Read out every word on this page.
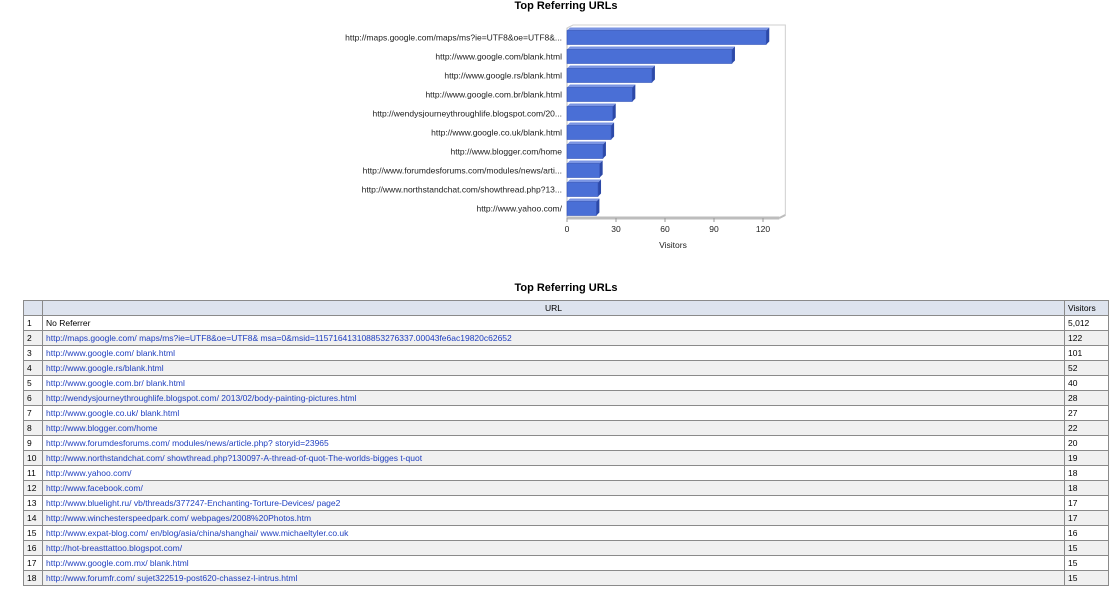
Top Referring URLs
http://maps.google.com/maps/ms?ie=UTF8&oe=UTF8&...
http://www.google.com/blank.html
http://www.google.rs/blank.html
http://www.google.com.br/blank.html
http://wendysjourneythroughlife.blogspot.com/20...
http://www.google.co.uk/blank.html
http://www.blogger.com/home
http://www.forumdesforums.com/modules/news/arti...
http://www.northstandchat.com/showthread.php?13...
http://www.yahoo.com/
0	30	60	90	120
Visitors
Top Referring URLs
	URL	Visitors
1	No Referrer	5,012
2	http://maps.google.com/ maps/ms?ie=UTF8&oe=UTF8& msa=0&msid=115716413108853276337.00043fe6ac19820c62652	122
3	http://www.google.com/ blank.html	101
4	http://www.google.rs/blank.html	52
5	http://www.google.com.br/ blank.html	40
6	http://wendysjourneythroughlife.blogspot.com/ 2013/02/body-painting-pictures.html	28
7	http://www.google.co.uk/ blank.html	27
8	http://www.blogger.com/home	22
9	http://www.forumdesforums.com/ modules/news/article.php? storyid=23965	20
10	http://www.northstandchat.com/ showthread.php?130097-A-thread-of-quot-The-worlds-bigges t-quot	19
11	http://www.yahoo.com/	18
12	http://www.facebook.com/	18
13	http://www.bluelight.ru/ vb/threads/377247-Enchanting-Torture-Devices/ page2	17
14	http://www.winchesterspeedpark.com/ webpages/2008%20Photos.htm	17
15	http://www.expat-blog.com/ en/blog/asia/china/shanghai/ www.michaeltyler.co.uk	16
16	http://hot-breasttattoo.blogspot.com/	15
17	http://www.google.com.mx/ blank.html	15
18	http://www.forumfr.com/ sujet322519-post620-chassez-l-intrus.html	15
